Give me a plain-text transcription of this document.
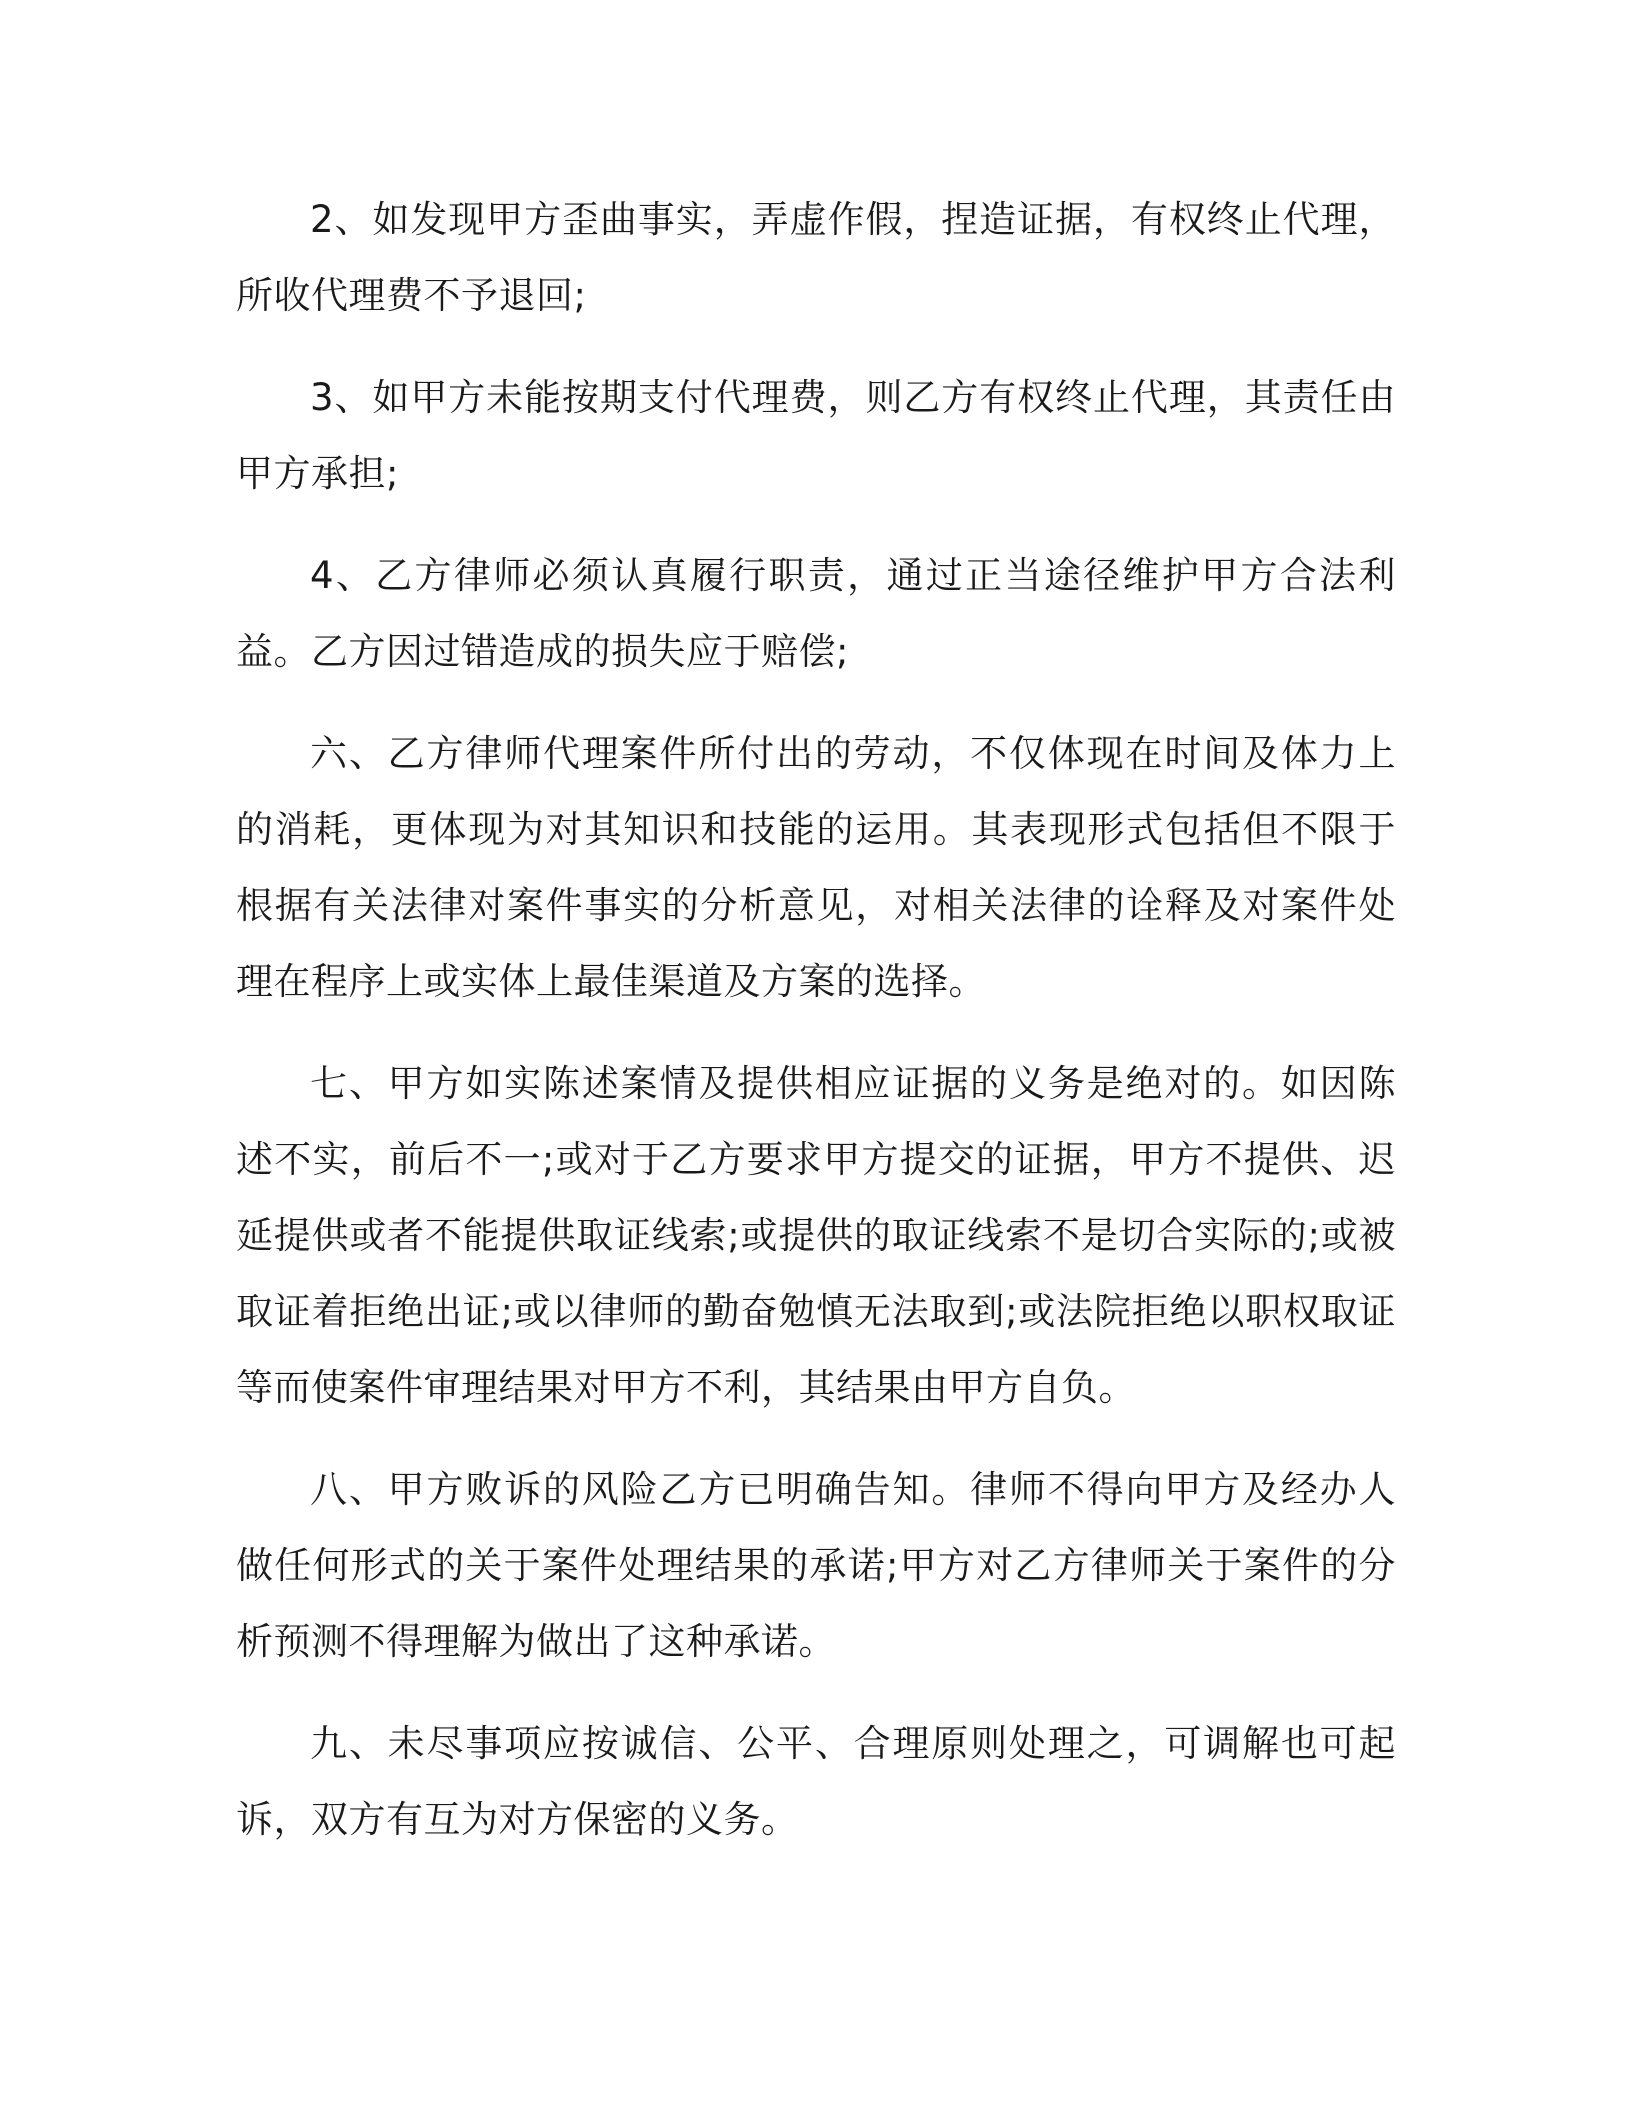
2、如发现甲方歪曲事实，弄虚作假，捏造证据，有权终止代理，所收代理费不予退回;

3、如甲方未能按期支付代理费，则乙方有权终止代理，其责任由甲方承担;

4、乙方律师必须认真履行职责，通过正当途径维护甲方合法利益。乙方因过错造成的损失应于赔偿;

六、乙方律师代理案件所付出的劳动，不仅体现在时间及体力上的消耗，更体现为对其知识和技能的运用。其表现形式包括但不限于根据有关法律对案件事实的分析意见，对相关法律的诠释及对案件处理在程序上或实体上最佳渠道及方案的选择。

七、甲方如实陈述案情及提供相应证据的义务是绝对的。如因陈述不实，前后不一;或对于乙方要求甲方提交的证据，甲方不提供、迟延提供或者不能提供取证线索;或提供的取证线索不是切合实际的;或被取证着拒绝出证;或以律师的勤奋勉慎无法取到;或法院拒绝以职权取证等而使案件审理结果对甲方不利，其结果由甲方自负。

八、甲方败诉的风险乙方已明确告知。律师不得向甲方及经办人做任何形式的关于案件处理结果的承诺;甲方对乙方律师关于案件的分析预测不得理解为做出了这种承诺。

九、未尽事项应按诚信、公平、合理原则处理之，可调解也可起诉，双方有互为对方保密的义务。
